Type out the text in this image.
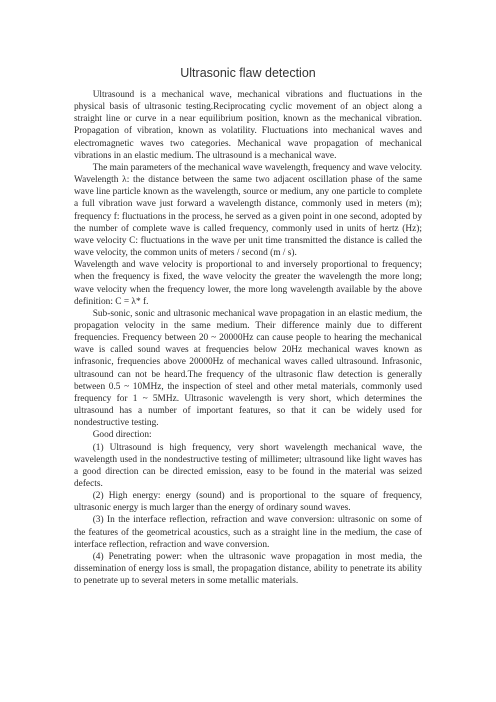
Ultrasonic flaw detection

Ultrasound is a mechanical wave, mechanical vibrations and fluctuations in the physical basis of ultrasonic testing.Reciprocating cyclic movement of an object along a straight line or curve in a near equilibrium position, known as the mechanical vibration. Propagation of vibration, known as volatility. Fluctuations into mechanical waves and electromagnetic waves two categories. Mechanical wave propagation of mechanical vibrations in an elastic medium. The ultrasound is a mechanical wave.

The main parameters of the mechanical wave wavelength, frequency and wave velocity. Wavelength λ: the distance between the same two adjacent oscillation phase of the same wave line particle known as the wavelength, source or medium, any one particle to complete a full vibration wave just forward a wavelength distance, commonly used in meters (m); frequency f: fluctuations in the process, he served as a given point in one second, adopted by the number of complete wave is called frequency, commonly used in units of hertz (Hz); wave velocity C: fluctuations in the wave per unit time transmitted the distance is called the wave velocity, the common units of meters / second (m / s).

Wavelength and wave velocity is proportional to and inversely proportional to frequency; when the frequency is fixed, the wave velocity the greater the wavelength the more long; wave velocity when the frequency lower, the more long wavelength available by the above definition: C = λ* f.

Sub-sonic, sonic and ultrasonic mechanical wave propagation in an elastic medium, the propagation velocity in the same medium. Their difference mainly due to different frequencies. Frequency between 20 ~ 20000Hz can cause people to hearing the mechanical wave is called sound waves at frequencies below 20Hz mechanical waves known as infrasonic, frequencies above 20000Hz of mechanical waves called ultrasound. Infrasonic, ultrasound can not be heard.The frequency of the ultrasonic flaw detection is generally between 0.5 ~ 10MHz, the inspection of steel and other metal materials, commonly used frequency for 1 ~ 5MHz. Ultrasonic wavelength is very short, which determines the ultrasound has a number of important features, so that it can be widely used for nondestructive testing.

Good direction:

(1) Ultrasound is high frequency, very short wavelength mechanical wave, the wavelength used in the nondestructive testing of millimeter; ultrasound like light waves has a good direction can be directed emission, easy to be found in the material was seized defects.

(2) High energy: energy (sound) and is proportional to the square of frequency, ultrasonic energy is much larger than the energy of ordinary sound waves.

(3) In the interface reflection, refraction and wave conversion: ultrasonic on some of the features of the geometrical acoustics, such as a straight line in the medium, the case of interface reflection, refraction and wave conversion.

(4) Penetrating power: when the ultrasonic wave propagation in most media, the dissemination of energy loss is small, the propagation distance, ability to penetrate its ability to penetrate up to several meters in some metallic materials.
